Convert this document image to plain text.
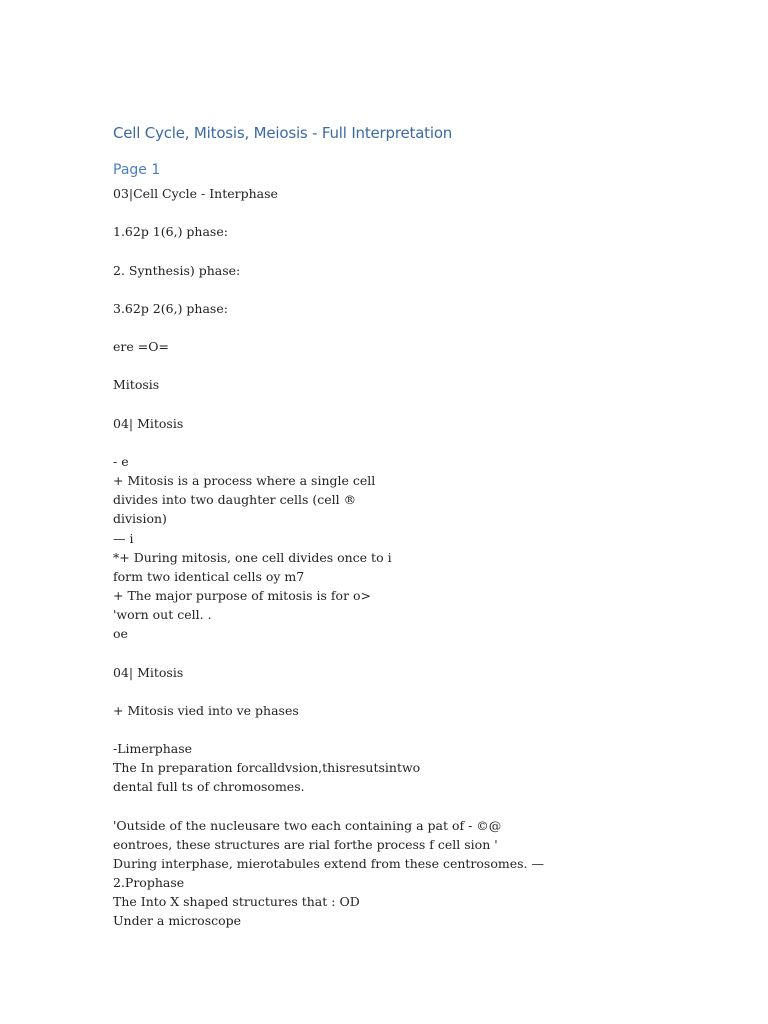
Cell Cycle, Mitosis, Meiosis - Full Interpretation
Page 1
03|Cell Cycle - Interphase
1.62p 1(6,) phase:
2. Synthesis) phase:
3.62p 2(6,) phase:
ere =O=
Mitosis
04| Mitosis
- e
+ Mitosis is a process where a single cell
divides into two daughter cells (cell ®
division)
— i
*+ During mitosis, one cell divides once to i
form two identical cells oy m7
+ The major purpose of mitosis is for o>
'worn out cell. .
oe
04| Mitosis
+ Mitosis vied into ve phases
-Limerphase
The In preparation forcalldvsion,thisresutsintwo
dental full ts of chromosomes.
'Outside of the nucleusare two each containing a pat of - ©@
eontroes, these structures are rial forthe process f cell sion '
During interphase, mierotabules extend from these centrosomes. —
2.Prophase
The Into X shaped structures that : OD
Under a microscope
